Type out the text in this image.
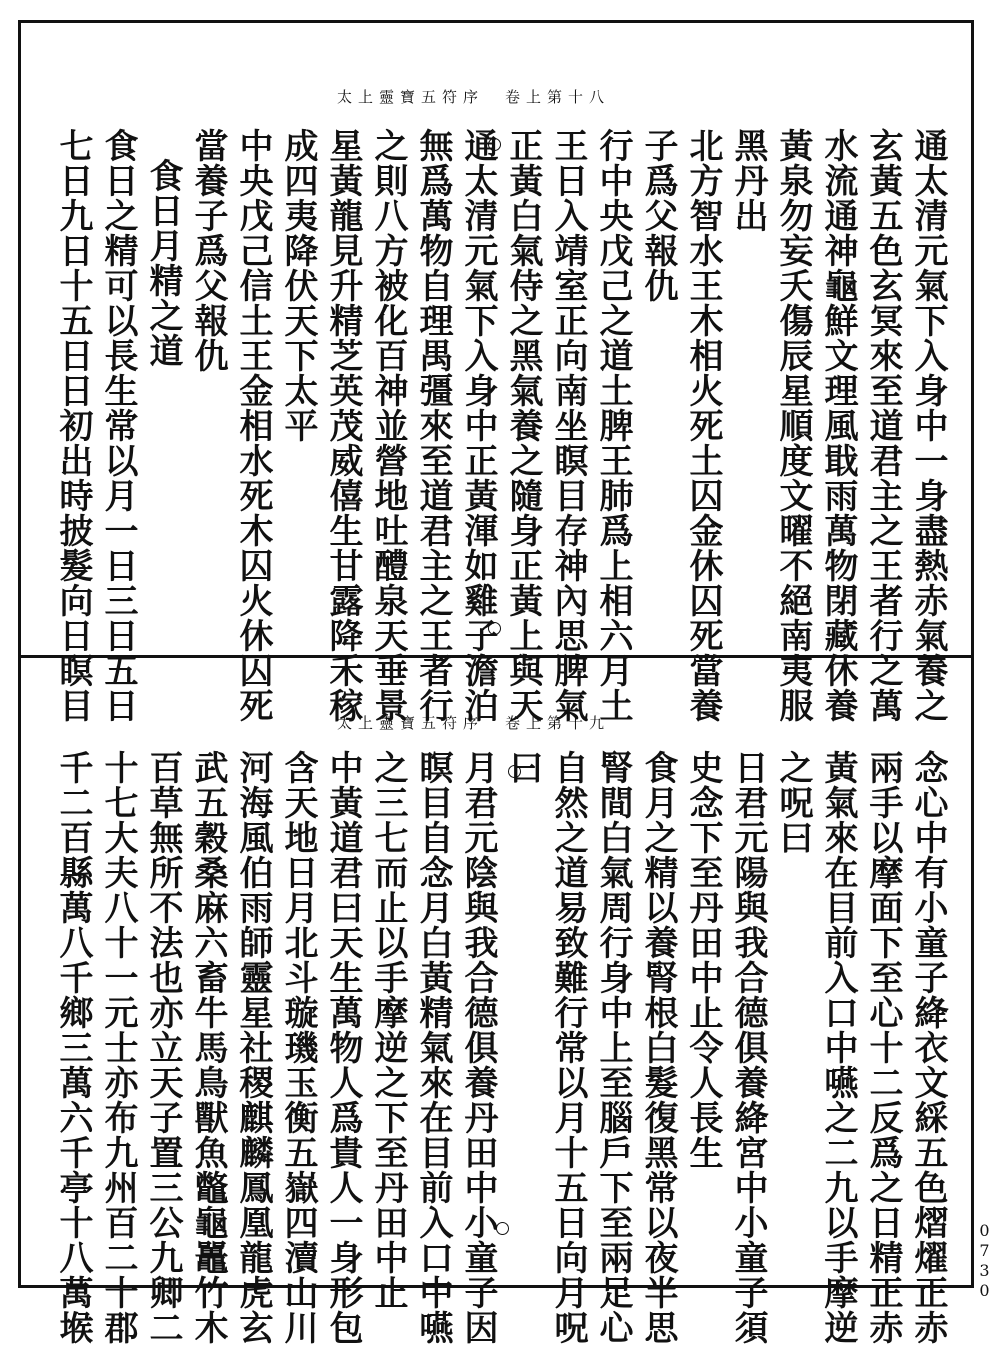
太上靈寶五符序　卷上第十八
通太清元氣下入身中一身盡熱赤氣養之
玄黃五色玄冥來至道君主之王者行之萬
水流通神龜鮮文理風戢雨萬物閉藏休養
黃泉勿妄夭傷辰星順度文曜不絕南夷服
黑丹出
北方智水王木相火死土囚金休囚死當養
子爲父報仇
行中央戊己之道土脾王肺爲上相六月土
王日入靖室正向南坐瞑目存神內思脾氣
正黃白氣侍之黑氣養之隨身正黃上與天
通太清元氣下入身中正黃渾如雞子澹泊
無爲萬物自理禺彊來至道君主之王者行
之則八方被化百神並營地吐醴泉天垂景
星黃龍見升精芝英茂威僖生甘露降禾稼
成四夷降伏天下太平
中央戊己信土王金相水死木囚火休囚死
當養子爲父報仇
食日月精之道
食日之精可以長生常以月一日三日五日
七日九日十五日日初出時披髮向日瞑目	太上靈寶五符序　卷上第十九
念心中有小童子絳衣文綵五色熠燿正赤
兩手以摩面下至心十二反爲之日精正赤
黃氣來在目前入口中嚥之二九以手摩逆
之呪曰
日君元陽與我合德俱養絳宮中小童子須
史念下至丹田中止令人長生
食月之精以養腎根白髮復黑常以夜半思
腎間白氣周行身中上至腦戶下至兩足心
自然之道易致難行常以月十五日向月呪
曰
月君元陰與我合德俱養丹田中小童子因
瞑目自念月白黃精氣來在目前入口中嚥
之三七而止以手摩逆之下至丹田中止
中黃道君曰天生萬物人爲貴人一身形包
含天地日月北斗璇璣玉衡五嶽四瀆山川
河海風伯雨師靈星社稷麒麟鳳凰龍虎玄
武五穀桑麻六畜牛馬鳥獸魚鼈龜鼉竹木
百草無所不法也亦立天子置三公九卿二
十七大夫八十一元士亦布九州百二十郡
千二百縣萬八千鄉三萬六千亭十八萬堠	0730
